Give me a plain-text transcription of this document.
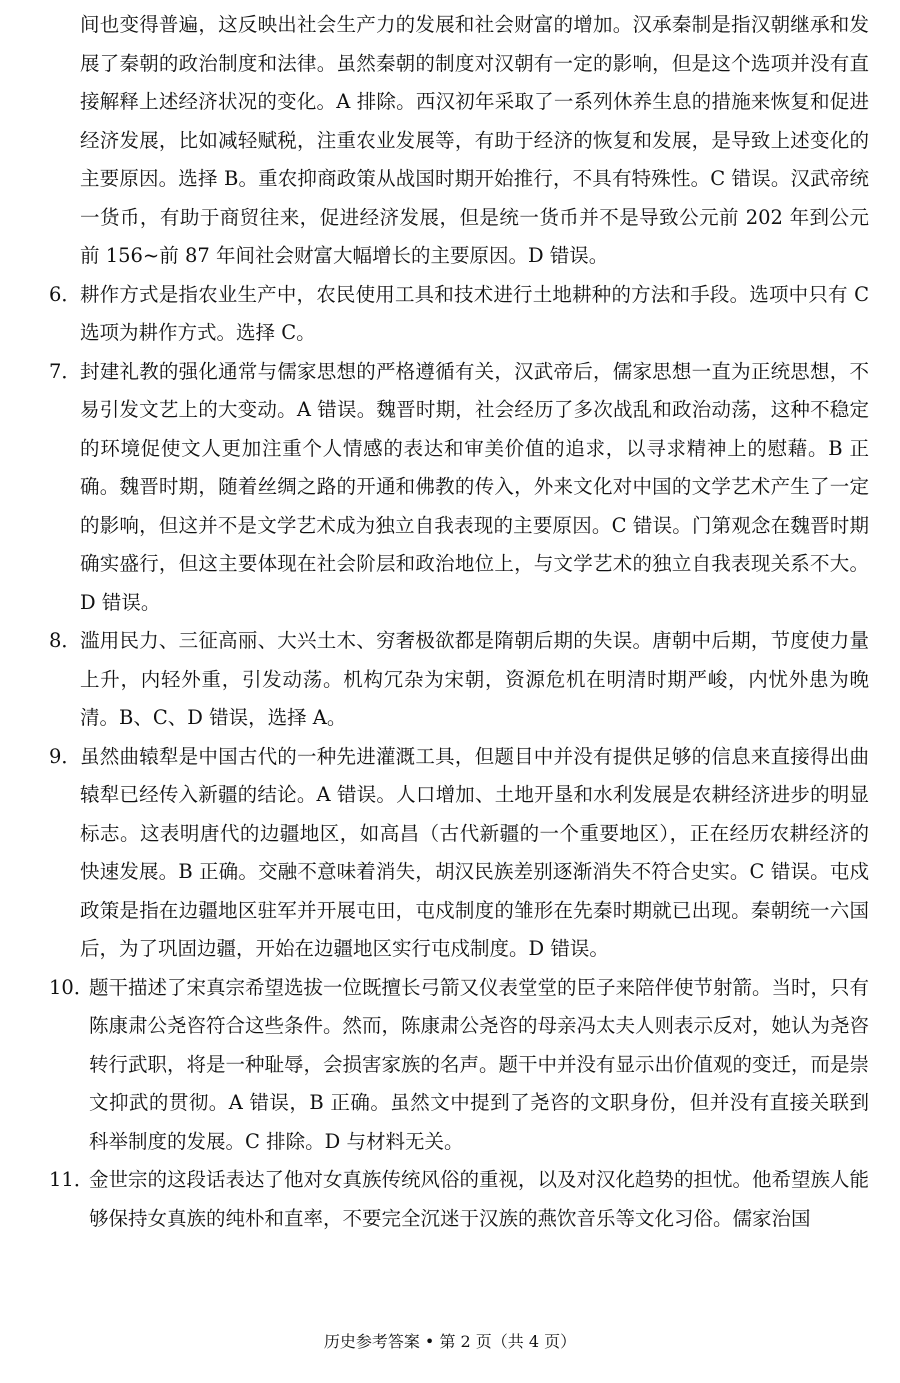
间也变得普遍，这反映出社会生产力的发展和社会财富的增加。汉承秦制是指汉朝继承和发展了秦朝的政治制度和法律。虽然秦朝的制度对汉朝有一定的影响，但是这个选项并没有直接解释上述经济状况的变化。A 排除。西汉初年采取了一系列休养生息的措施来恢复和促进经济发展，比如减轻赋税，注重农业发展等，有助于经济的恢复和发展，是导致上述变化的主要原因。选择 B。重农抑商政策从战国时期开始推行，不具有特殊性。C 错误。汉武帝统一货币，有助于商贸往来，促进经济发展，但是统一货币并不是导致公元前 202 年到公元前 156~前 87 年间社会财富大幅增长的主要原因。D 错误。

6． 耕作方式是指农业生产中，农民使用工具和技术进行土地耕种的方法和手段。选项中只有 C 选项为耕作方式。选择 C。

7． 封建礼教的强化通常与儒家思想的严格遵循有关，汉武帝后，儒家思想一直为正统思想，不易引发文艺上的大变动。A 错误。魏晋时期，社会经历了多次战乱和政治动荡，这种不稳定的环境促使文人更加注重个人情感的表达和审美价值的追求，以寻求精神上的慰藉。B 正确。魏晋时期，随着丝绸之路的开通和佛教的传入，外来文化对中国的文学艺术产生了一定的影响，但这并不是文学艺术成为独立自我表现的主要原因。C 错误。门第观念在魏晋时期确实盛行，但这主要体现在社会阶层和政治地位上，与文学艺术的独立自我表现关系不大。D 错误。

8． 滥用民力、三征高丽、大兴土木、穷奢极欲都是隋朝后期的失误。唐朝中后期，节度使力量上升，内轻外重，引发动荡。机构冗杂为宋朝，资源危机在明清时期严峻，内忧外患为晚清。B、C、D 错误，选择 A。

9． 虽然曲辕犁是中国古代的一种先进灌溉工具，但题目中并没有提供足够的信息来直接得出曲辕犁已经传入新疆的结论。A 错误。人口增加、土地开垦和水利发展是农耕经济进步的明显标志。这表明唐代的边疆地区，如高昌（古代新疆的一个重要地区），正在经历农耕经济的快速发展。B 正确。交融不意味着消失，胡汉民族差别逐渐消失不符合史实。C 错误。屯戍政策是指在边疆地区驻军并开展屯田，屯戍制度的雏形在先秦时期就已出现。秦朝统一六国后，为了巩固边疆，开始在边疆地区实行屯戍制度。D 错误。

10．

题干描述了宋真宗希望选拔一位既擅长弓箭又仪表堂堂的臣子来陪伴使节射箭。当时，只有陈康肃公尧咨符合这些条件。然而，陈康肃公尧咨的母亲冯太夫人则表示反对，她认为尧咨转行武职，将是一种耻辱，会损害家族的名声。题干中并没有显示出价值观的变迁，而是崇文抑武的贯彻。A 错误，B 正确。虽然文中提到了尧咨的文职身份，但并没有直接关联到科举制度的发展。C 排除。D 与材料无关。

11．

金世宗的这段话表达了他对女真族传统风俗的重视，以及对汉化趋势的担忧。他希望族人能够保持女真族的纯朴和直率，不要完全沉迷于汉族的燕饮音乐等文化习俗。儒家治国

历史参考答案 • 第 2 页（共 4 页）
